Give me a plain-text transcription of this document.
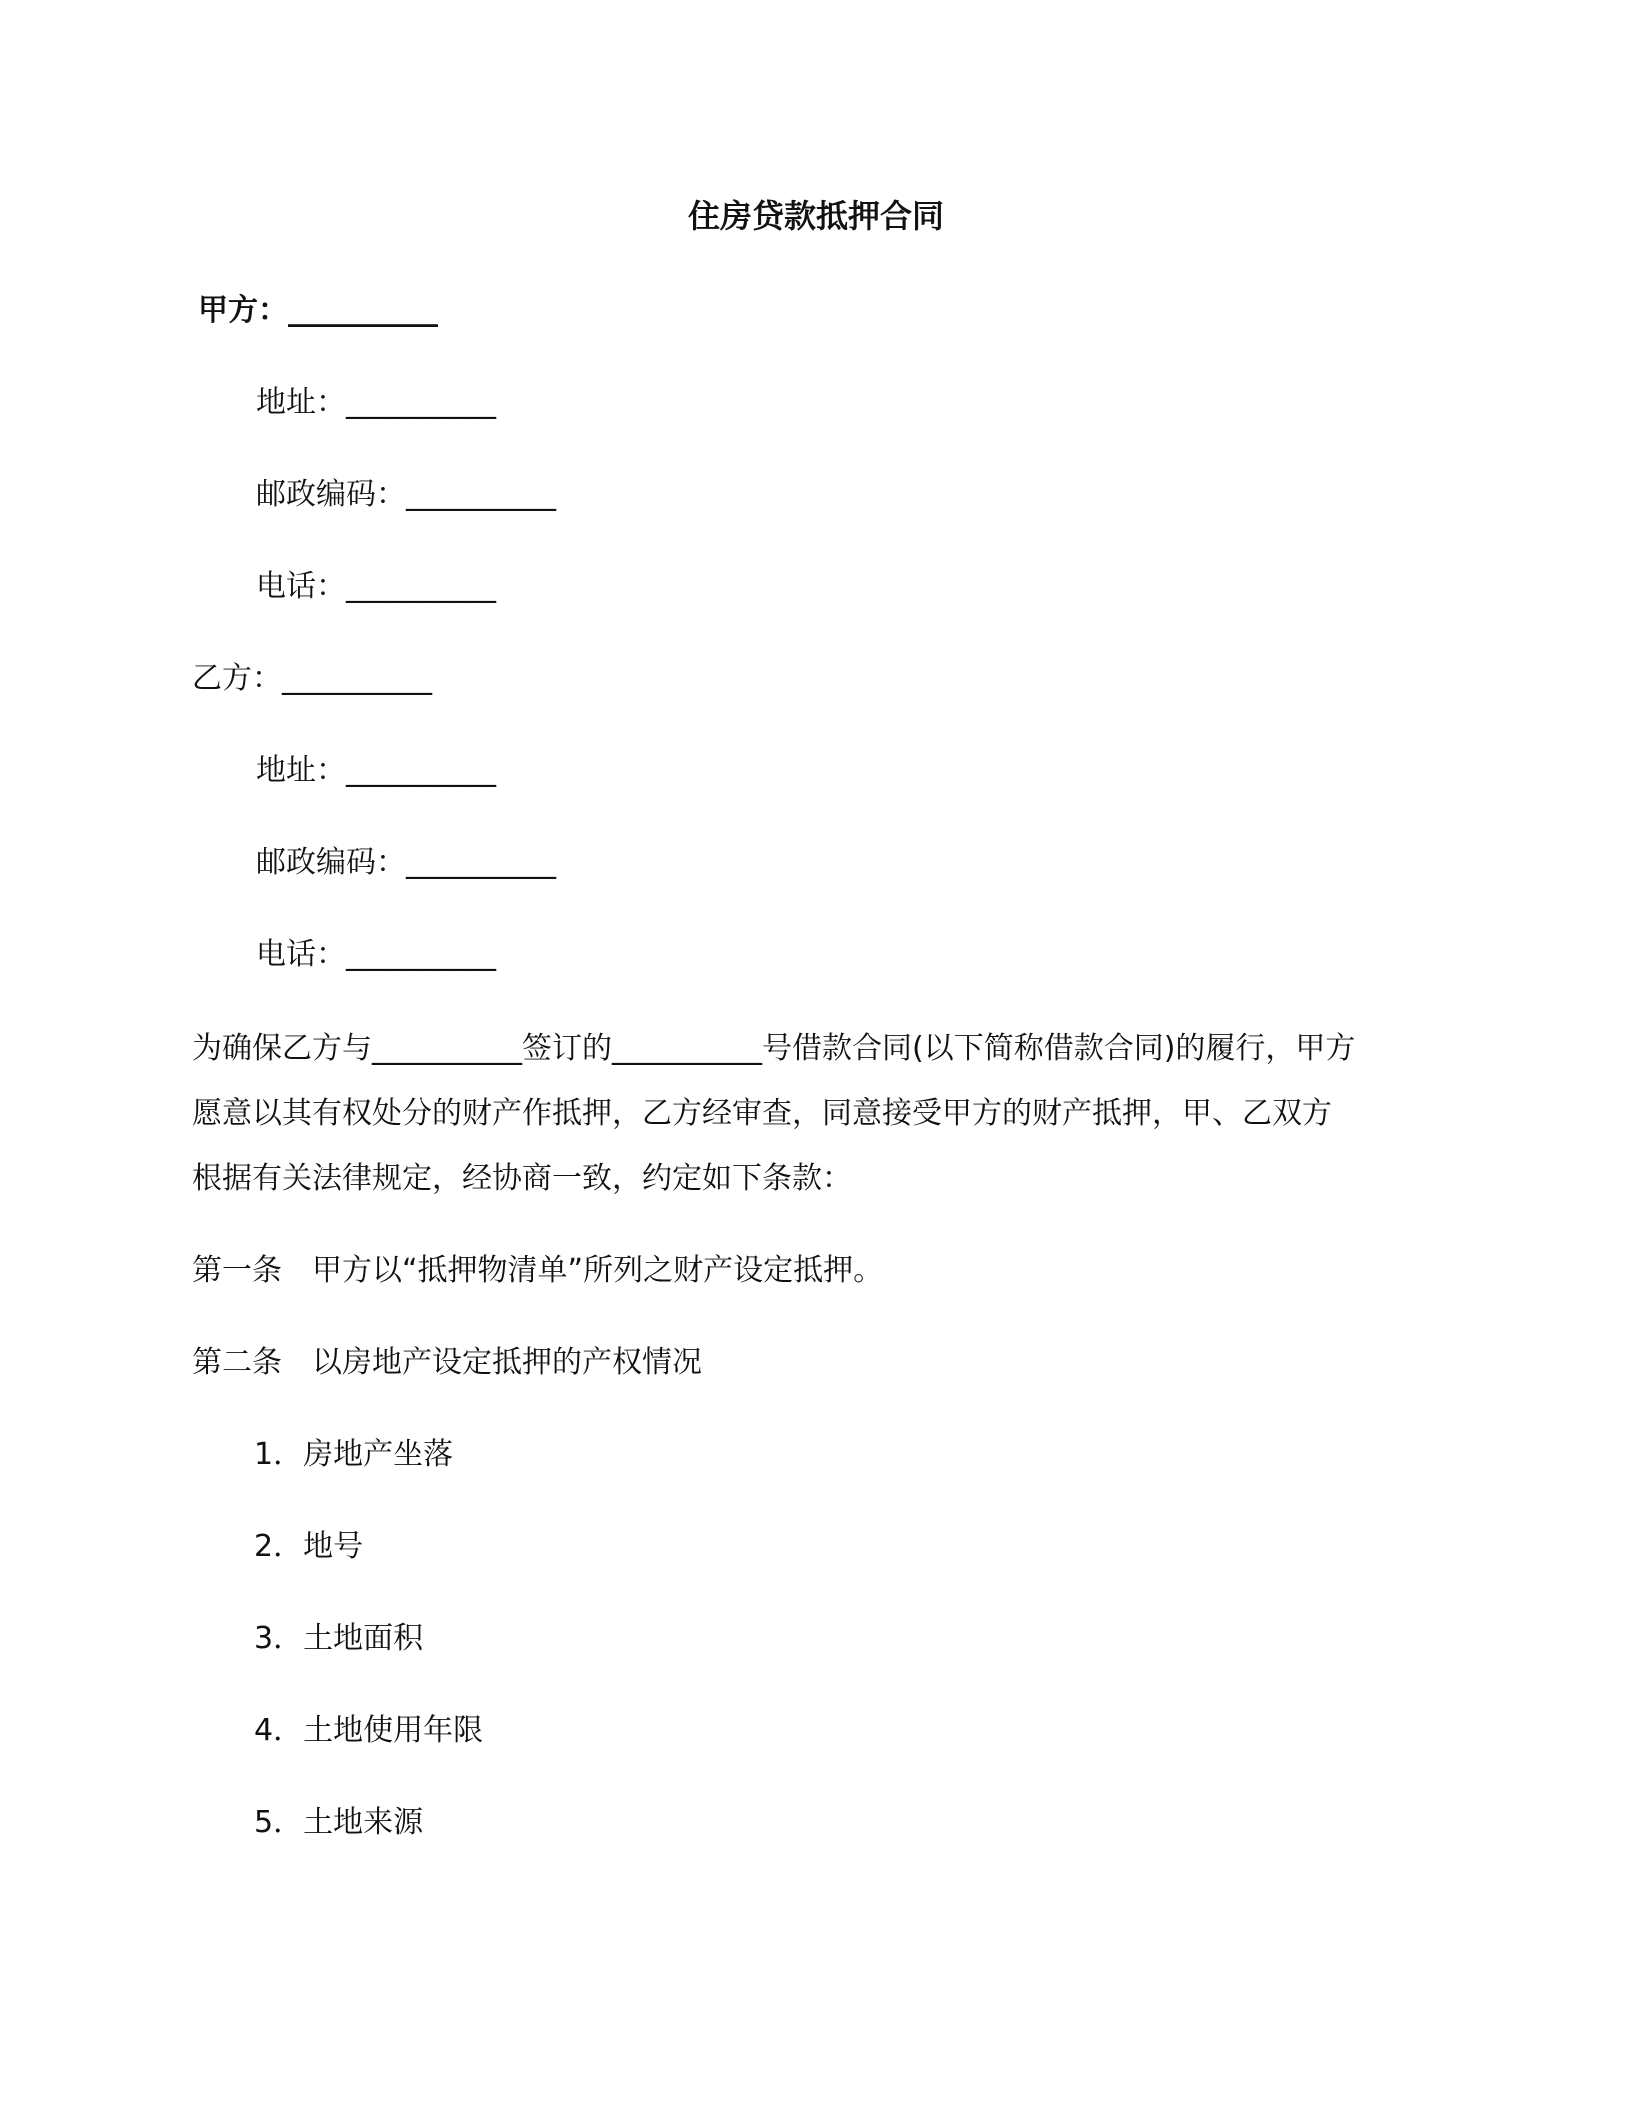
住房贷款抵押合同
甲方：__________
地址：__________
邮政编码：__________
电话：__________
乙方：__________
地址：__________
邮政编码：__________
电话：__________

为确保乙方与__________签订的__________号借款合同(以下简称借款合同)的履行，甲方

愿意以其有权处分的财产作抵押，乙方经审查，同意接受甲方的财产抵押，甲、乙双方

根据有关法律规定，经协商一致，约定如下条款：

第一条　甲方以“抵押物清单”所列之财产设定抵押。
第二条　以房地产设定抵押的产权情况
1．房地产坐落
2．地号
3．土地面积
4．土地使用年限
5．土地来源
